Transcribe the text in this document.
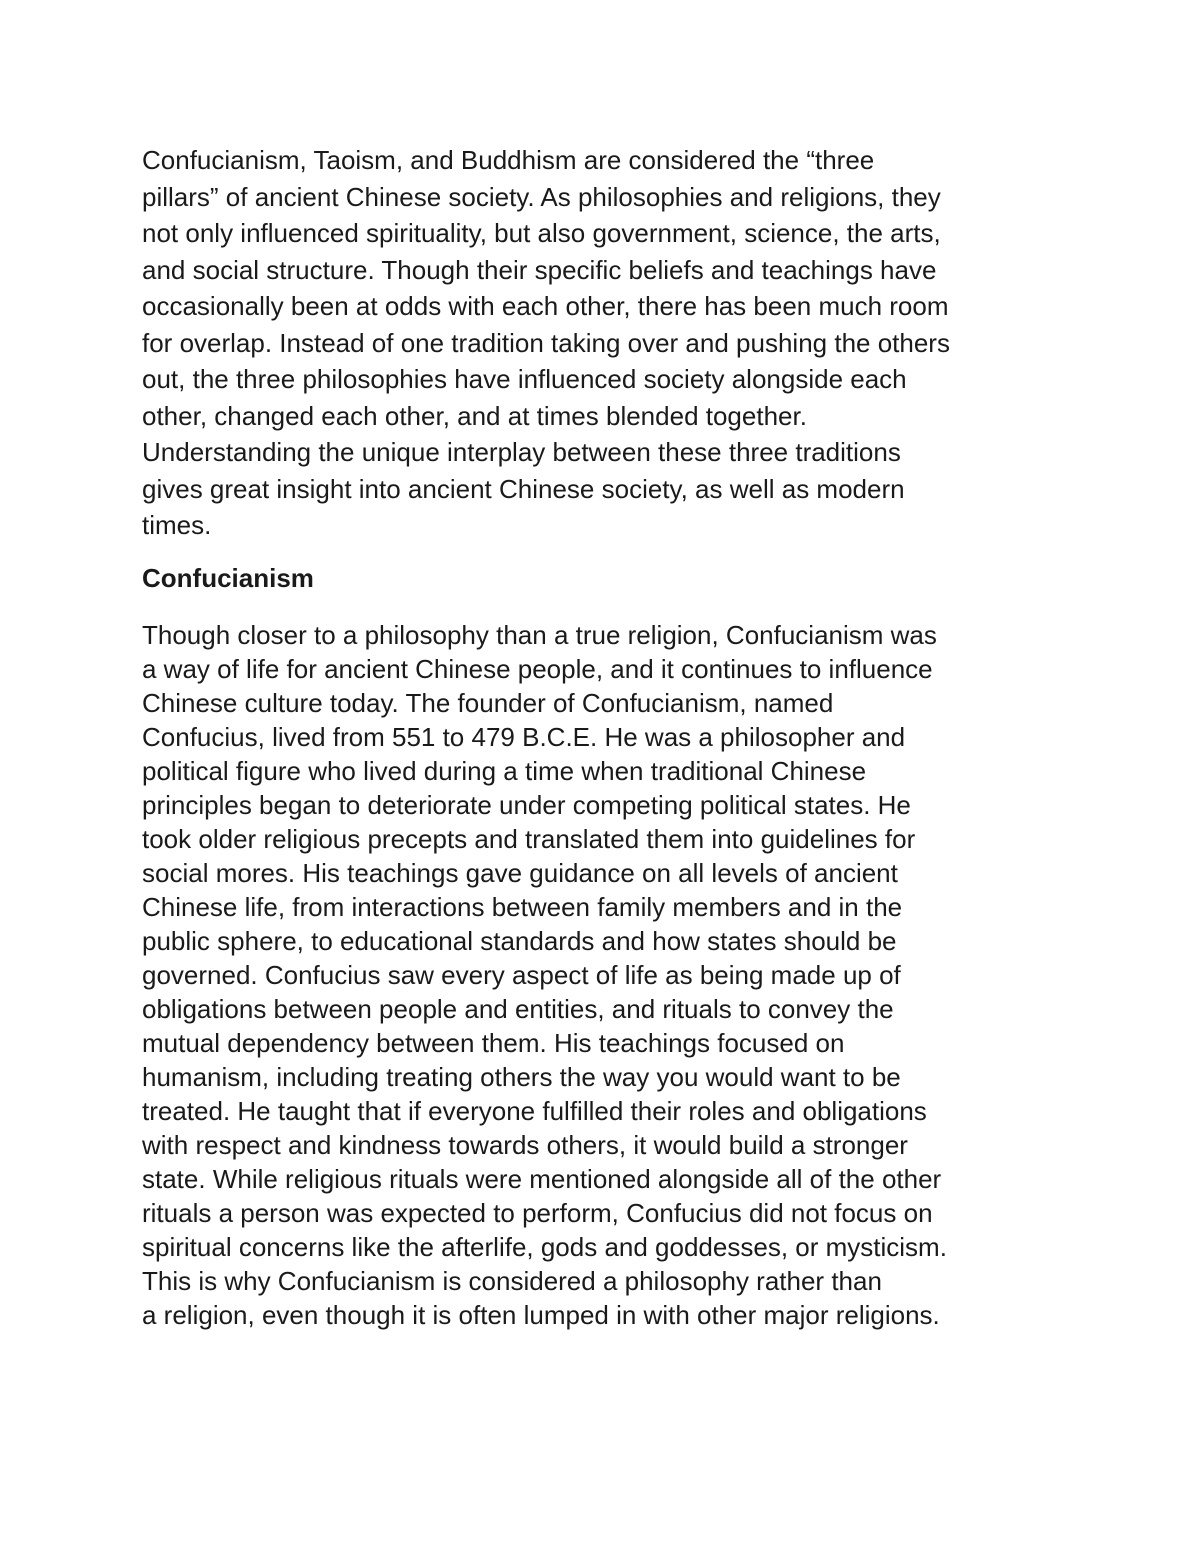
Confucianism, Taoism, and Buddhism are considered the “three
pillars” of ancient Chinese society. As philosophies and religions, they
not only influenced spirituality, but also government, science, the arts,
and social structure. Though their specific beliefs and teachings have
occasionally been at odds with each other, there has been much room
for overlap. Instead of one tradition taking over and pushing the others
out, the three philosophies have influenced society alongside each
other, changed each other, and at times blended together.
Understanding the unique interplay between these three traditions
gives great insight into ancient Chinese society, as well as modern
times.
Confucianism
Though closer to a philosophy than a true religion, Confucianism was
a way of life for ancient Chinese people, and it continues to influence
Chinese culture today. The founder of Confucianism, named
Confucius, lived from 551 to 479 B.C.E. He was a philosopher and
political figure who lived during a time when traditional Chinese
principles began to deteriorate under competing political states. He
took older religious precepts and translated them into guidelines for
social mores. His teachings gave guidance on all levels of ancient
Chinese life, from interactions between family members and in the
public sphere, to educational standards and how states should be
governed. Confucius saw every aspect of life as being made up of
obligations between people and entities, and rituals to convey the
mutual dependency between them. His teachings focused on
humanism, including treating others the way you would want to be
treated. He taught that if everyone fulfilled their roles and obligations
with respect and kindness towards others, it would build a stronger
state. While religious rituals were mentioned alongside all of the other
rituals a person was expected to perform, Confucius did not focus on
spiritual concerns like the afterlife, gods and goddesses, or mysticism.
This is why Confucianism is considered a philosophy rather than
a religion, even though it is often lumped in with other major religions.
